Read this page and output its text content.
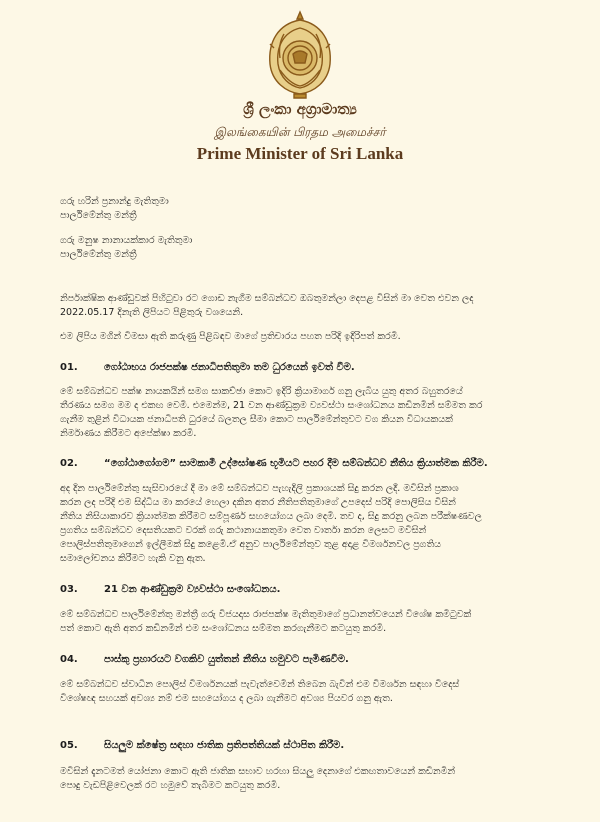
ශ්‍රී ලංකා අග්‍රාමාත්‍ය
இலங்கையின் பிரதம அமைச்சர்
Prime Minister of Sri Lanka
ගරු හරින් ප්‍රනාන්දු මැතිතුමා
පාර්ලිමේන්තු මන්ත්‍රී
ගරු මනුෂ නානායක්කාර මැතිතුමා
පාර්ලිමේන්තු මන්ත්‍රී

නිර්පාක්ෂික ආණ්ඩුවක් පිහිටුවා රට ගොඩ නැගීම සම්බන්ධව ඔබතුමන්ලා දෙපළ විසින් මා වෙත එවන ලද

2022.05.17 දිනැති ලිපියට පිළිතුරු වශයෙනි.

එම ලිපිය මගින් විමසා ඇති කරුණු පිළිබඳව මාගේ ප්‍රතිචාරය පහත පරිදි ඉදිරිපත් කරමි.

01.	ගෝඨාභය රාජපක්ෂ ජනාධිපතිතුමා තම ධුරයෙන් ඉවත් වීම.

මේ සම්බන්ධව පක්ෂ නායකයින් සමග සාකච්ඡා කොට ඉදිරි ක්‍රියාමාර්ග ගනු ලැබිය යුතු අතර බහුතරයේ

තීරණය සමග මම ද එකඟ වෙමි. එමෙන්ම, 21 වන ආණ්ඩුක්‍රම ව්‍යවස්ථා සංශෝධනය කඩිනමින් සම්මත කර

ගැනීම තුළින් විධායක ජනාධිපති ධුරයේ බලතල සීමා කොට පාර්ලිමේන්තුවට වග කියන විධායකයක්

නිර්මාණය කිරීමට අපේක්ෂා කරමි.

02.	“ගෝඨාගෝගම” සාමකාමී උද්ඝෝෂණ භූමියට පහර දීම සම්බන්ධව නීතිය ක්‍රියාත්මක කිරීම.

අද දින පාර්ලිමේන්තු සැසිවාරයේ දී මා මේ සම්බන්ධව පැහැදිලි ප්‍රකාශයක් සිදු කරන ලදී. මවිසින් ප්‍රකාශ

කරන ලද පරිදි එම සිද්ධිය මා කරයේ හෙලා දකින අතර නීතිපතිතුමාගේ උපදෙස් පරිදි පොලිසිය විසින්

නීතිය නිසියාකාරව ක්‍රියාත්මක කිරීමට සම්පූර්ණ සහයෝගය ලබා දෙමි. තව ද, සිදු කරනු ලබන පරීක්ෂණවල

ප්‍රගතිය සම්බන්ධව දෙසතියකට වරක් ගරු කථානායකතුමා වෙත වාර්තා කරන ලෙසට මවිසින්

පොලිස්පතිතුමාගෙන් ඉල්ලීමක් සිදු කළෙමි.ඒ අනුව පාර්ලිමේන්තුව තුළ අදාළ විමර්ශනවල ප්‍රගතිය

සමාලෝචනය කිරීමට හැකි වනු ඇත.

03.	21 වන ආණ්ඩුක්‍රම ව්‍යවස්ථා සංශෝධනය.

මේ සම්බන්ධව පාර්ලිමේන්තු මන්ත්‍රී ගරු විජයදාස රාජපක්ෂ මැතිතුමාගේ ප්‍රධානත්වයෙන් විශේෂ කමිටුවක්

පත් කොට ඇති අතර කඩිනමින් එම සංශෝධනය සම්මත කරගැනීමට කටයුතු කරමි.

04.	පාස්කු ප්‍රහාරයට වගකිව යුත්තන් නීතිය හමුවට පැමිණවීම.

මේ සම්බන්ධව ස්වාධීන පොලිස් විමර්ශනයක් පැවැත්වෙමින් තිබෙන බැවින් එම විමර්ශන සඳහා විදෙස්

විශේෂඥ සහයක් අවශ්‍ය නම් එම සහයෝගය ද ලබා ගැනීමට අවශ්‍ය පියවර ගනු ඇත.

05.	සියලුම ක්ෂේත්‍ර සඳහා ජාතික ප්‍රතිපත්තියක් ස්ථාපිත කිරීම.

මවිසින් දැනටමත් යෝජනා කොට ඇති ජාතික සභාව හරහා සියලු දෙනාගේ එකඟතාවයෙන් කඩිනමින්

පොදු වැඩපිළිවෙලක් රට හමුවේ තැබීමට කටයුතු කරමි.
